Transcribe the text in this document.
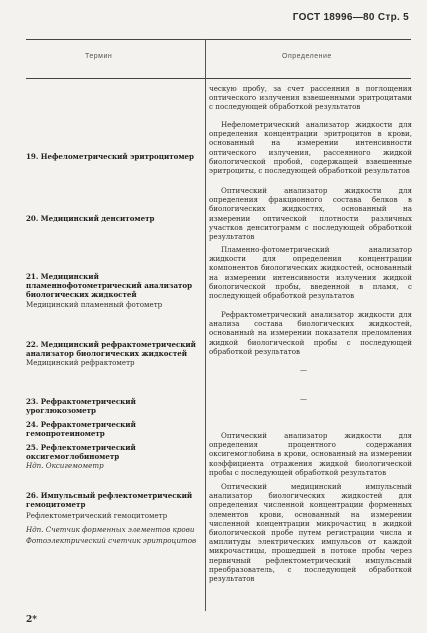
ГОСТ 18996—80 Стр. 5
Термин	Определение

ческую пробу, за счет рассеяния в поглощения оптического излучения взвешенными эритроцитами с последующей обработкой результатов

Нефелометрический анализатор жидкости для определения концентрации эритроцитов в крови, основанный на измерении интенсивности оптического излучения, рассеянного жидкой биологической пробой, содержащей взвешенные эритроциты, с последующей обработкой результатов

Оптический анализатор жидкости для определения фракционного состава белков в биологических жидкостях, основанный на измерении оптической плотности различных участков денситограмм с последующей обработкой результатов

Пламенно-фотометрический анализатор жидкости для определения концентрации компонентов биологических жидкостей, основанный на измерении интенсивности излучения жидкой биологической пробы, введенной в пламя, с последующей обработкой результатов

Рефрактометрический анализатор жидкости для анализа состава биологических жидкостей, основанный на измерении показателя преломления жидкой биологической пробы с последующей обработкой результатов

—
—

Оптический анализатор жидкости для определения процентного содержания оксигемоглобина в крови, основанный на измерении коэффициента отражения жидкой биологической пробы с последующей обработкой результатов

Оптический медицинский импульсный анализатор биологических жидкостей для определения численной концентрации форменных элементов крови, основанный на измерении численной концентрации микрочастиц в жидкой биологической пробе путем регистрации числа и амплитуды электрических импульсов от каждой микрочастицы, прошедшей в потоке пробы через первичный рефлектометрический импульсный преобразователь, с последующей обработкой результатов

19. Нефелометрический эритроцитомер
20. Медицинский денситометр
21. Медицинский пламеннофотометрический анализатор биологических жидкостей
Медицинский пламенный фотометр
22. Медицинский рефрактометрический анализатор биологических жидкостей
Медицинский рефрактометр
23. Рефрактометрический урoглюкозометр
24. Рефрактометрический гемопротеинометр
25. Рефлектометрический оксигемоглобинометр
Ндп. Оксигемометр
26. Импульсный рефлектометрический гемоцитометр
Рефлектометрический гемоцитометр
Ндп. Счетчик форменных элементов крови
Фотоэлектрический счетчик эритроцитов
2*
